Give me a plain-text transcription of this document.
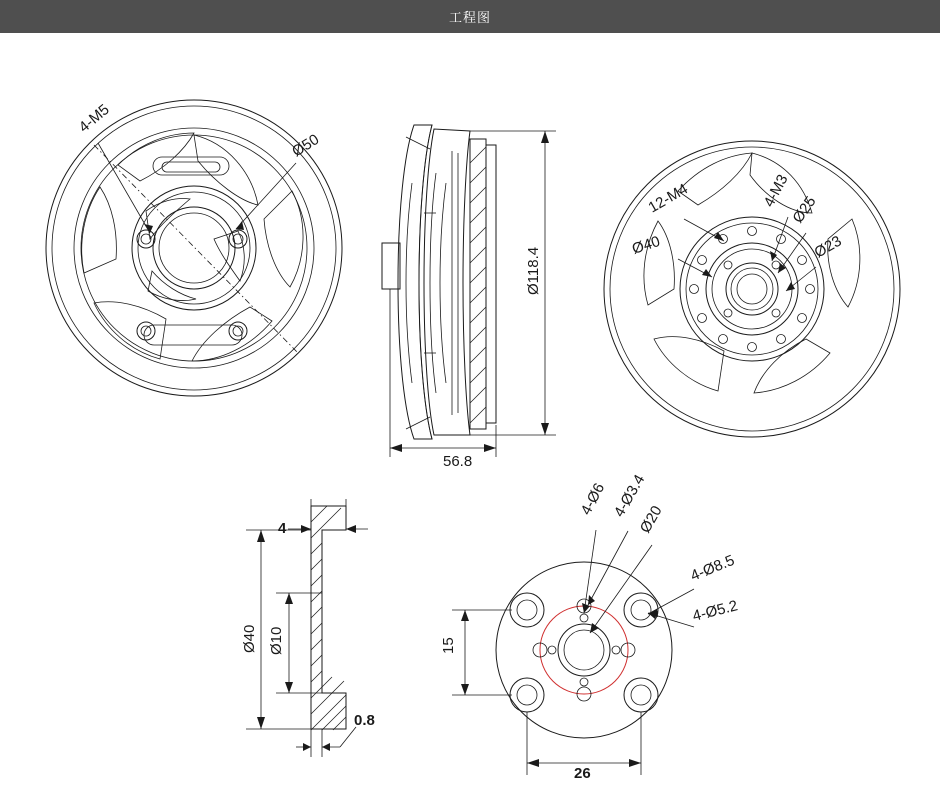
工程图
4-M5
Ø50
Ø118.4
56.8
12-M4	4-M3
Ø25
Ø40	Ø23
4
Ø40 Ø10
0.8
4-Ø6 4-Ø3.4
Ø20
4-Ø8.5
4-Ø5.2
15
26
